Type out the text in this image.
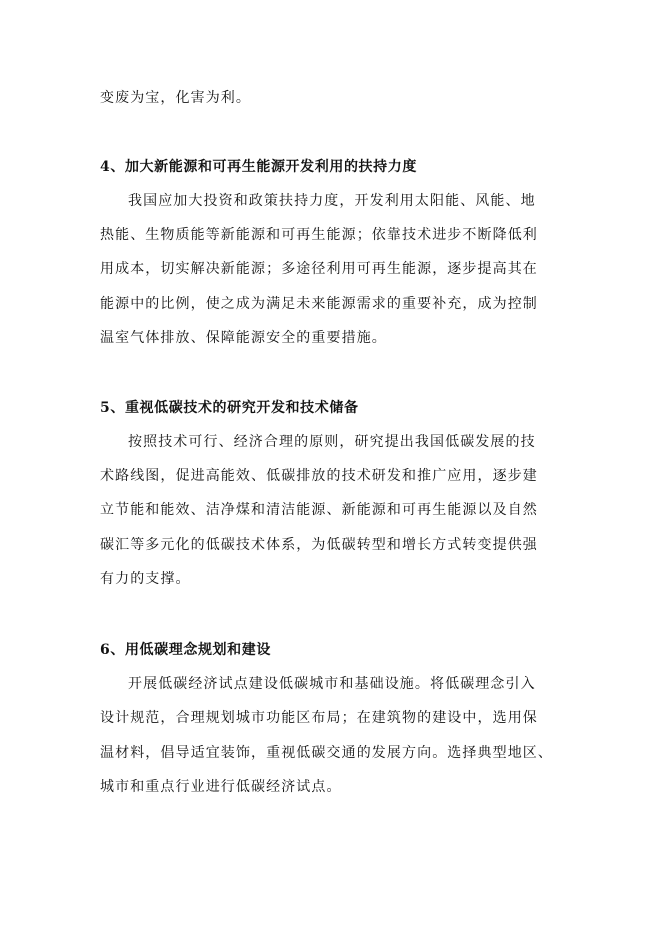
变废为宝，化害为利。
4、加大新能源和可再生能源开发利用的扶持力度
我国应加大投资和政策扶持力度，开发利用太阳能、风能、地
热能、生物质能等新能源和可再生能源；依靠技术进步不断降低利
用成本，切实解决新能源；多途径利用可再生能源，逐步提高其在
能源中的比例，使之成为满足未来能源需求的重要补充，成为控制
温室气体排放、保障能源安全的重要措施。
5、重视低碳技术的研究开发和技术储备
按照技术可行、经济合理的原则，研究提出我国低碳发展的技
术路线图，促进高能效、低碳排放的技术研发和推广应用，逐步建
立节能和能效、洁净煤和清洁能源、新能源和可再生能源以及自然
碳汇等多元化的低碳技术体系，为低碳转型和增长方式转变提供强
有力的支撑。
6、用低碳理念规划和建设
开展低碳经济试点建设低碳城市和基础设施。将低碳理念引入
设计规范，合理规划城市功能区布局；在建筑物的建设中，选用保
温材料，倡导适宜装饰，重视低碳交通的发展方向。选择典型地区、
城市和重点行业进行低碳经济试点。
